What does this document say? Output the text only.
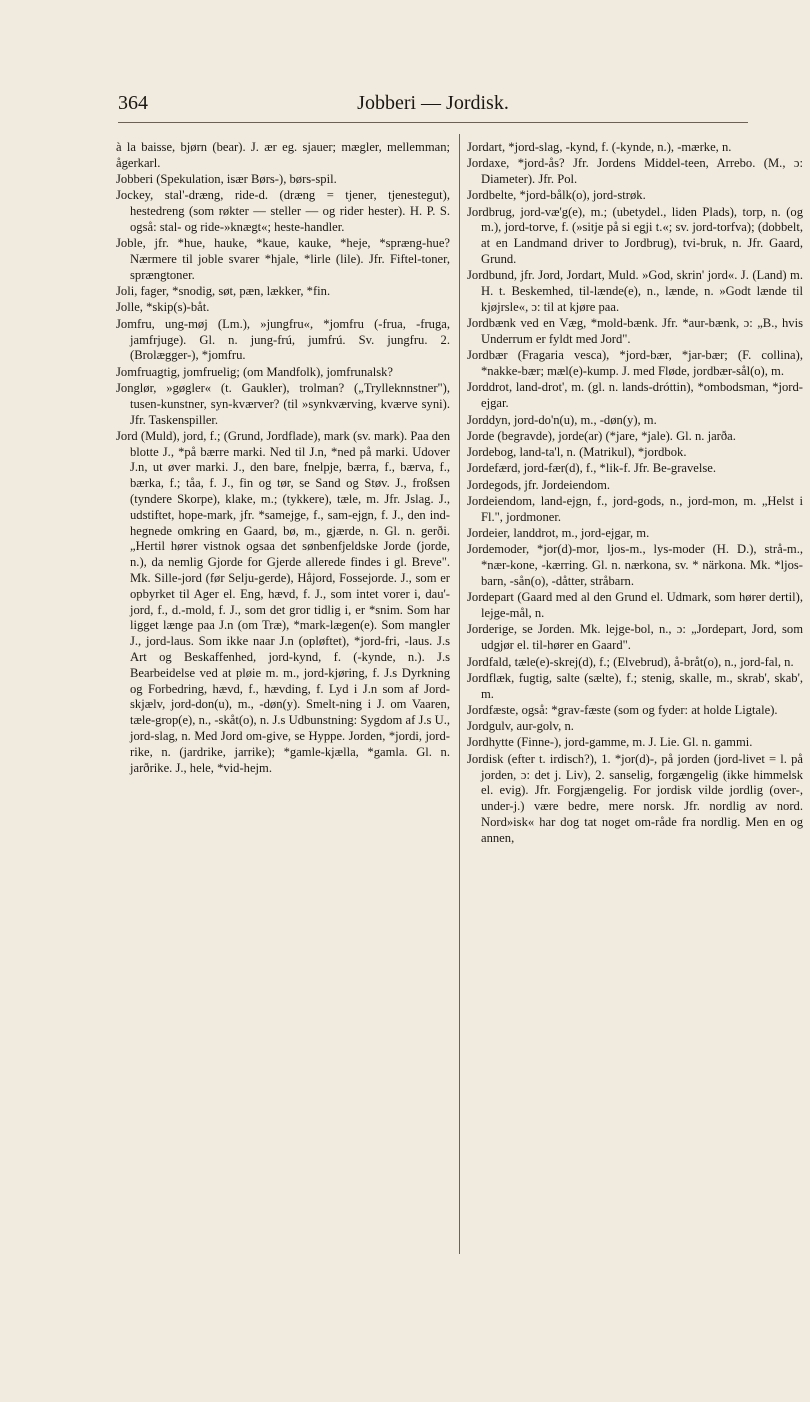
364	Jobberi — Jordisk.

à la baisse, bjørn (bear). J. ær eg. sjauer; mægler, mellemman; ågerkarl.

Jobberi (Spekulation, især Børs-), børs-spil.

Jockey, stal'-dræng, ride-d. (dræng = tjener, tjenestegut), hestedreng (som røkter — steller — og rider hester). H. P. S. også: stal- og ride-»knægt«; heste-handler.

Joble, jfr. *hue, hauke, *kaue, kauke, *heje, *spræng-hue? Nærmere til joble svarer *hjale, *lirle (lile). Jfr. Fiftel-toner, sprængtoner.

Joli, fager, *snodig, søt, pæn, lækker, *fin.

Jolle, *skip(s)-båt.

Jomfru, ung-møj (Lm.), »jungfru«, *jomfru (-frua, -fruga, jamfrjuge). Gl. n. jung-frú, jumfrú. Sv. jungfru. 2. (Brolægger-), *jomfru.

Jomfruagtig, jomfruelig; (om Mandfolk), jomfrunalsk?

Jonglør, »gøgler« (t. Gaukler), trolman? („Trylleknnstner"), tusen-kunstner, syn-kværver? (til »synkværving, kværve syni). Jfr. Taskenspiller.

Jord (Muld), jord, f.; (Grund, Jordflade), mark (sv. mark). Paa den blotte J., *på bærre marki. Ned til J.n, *ned på marki. Udover J.n, ut øver marki. J., den bare, fnelpje, bærra, f., bærva, f., bærka, f.; tåa, f. J., fin og tør, se Sand og Støv. J., froßsen (tyndere Skorpe), klake, m.; (tykkere), tæle, m. Jfr. Jslag. J., udstiftet, hope-mark, jfr. *samejge, f., sam-ejgn, f. J., den ind-hegnede omkring en Gaard, bø, m., gjærde, n. Gl. n. gerði. „Hertil hører vistnok ogsaa det sønbenfjeldske Jorde (jorde, n.), da nemlig Gjorde for Gjerde allerede findes i gl. Breve". Mk. Sille-jord (før Selju-gerde), Håjord, Fossejorde. J., som er opbyrket til Ager el. Eng, hævd, f. J., som intet vorer i, dau'-jord, f., d.-mold, f. J., som det gror tidlig i, er *snim. Som har ligget længe paa J.n (om Træ), *mark-lægen(e). Som mangler J., jord-laus. Som ikke naar J.n (opløftet), *jord-fri, -laus. J.s Art og Beskaffenhed, jord-kynd, f. (-kynde, n.). J.s Bearbeidelse ved at pløie m. m., jord-kjøring, f. J.s Dyrkning og Forbedring, hævd, f., hævding, f. Lyd i J.n som af Jord-skjælv, jord-don(u), m., -døn(y). Smelt-ning i J. om Vaaren, tæle-grop(e), n., -skåt(o), n. J.s Udbunstning: Sygdom af J.s U., jord-slag, n. Med Jord om-give, se Hyppe. Jorden, *jordi, jord-rike, n. (jardrike, jarrike); *gamle-kjælla, *gamla. Gl. n. jarðrike. J., hele, *vid-hejm.

Jordart, *jord-slag, -kynd, f. (-kynde, n.), -mærke, n.

Jordaxe, *jord-ås? Jfr. Jordens Middel-teen, Arrebo. (M., ɔ: Diameter). Jfr. Pol.

Jordbelte, *jord-bålk(o), jord-strøk.

Jordbrug, jord-væ'g(e), m.; (ubetydel., liden Plads), torp, n. (og m.), jord-torve, f. (»sitje på si egji t.«; sv. jord-torfva); (dobbelt, at en Landmand driver to Jordbrug), tvi-bruk, n. Jfr. Gaard, Grund.

Jordbund, jfr. Jord, Jordart, Muld. »God, skrin' jord«. J. (Land) m. H. t. Beskemhed, til-lænde(e), n., lænde, n. »Godt lænde til kjøjrsle«, ɔ: til at kjøre paa.

Jordbænk ved en Væg, *mold-bænk. Jfr. *aur-bænk, ɔ: „B., hvis Underrum er fyldt med Jord".

Jordbær (Fragaria vesca), *jord-bær, *jar-bær; (F. collina), *nakke-bær; mæl(e)-kump. J. med Fløde, jordbær-sål(o), m.

Jorddrot, land-drot', m. (gl. n. lands-dróttin), *ombodsman, *jord-ejgar.

Jorddyn, jord-do'n(u), m., -døn(y), m.

Jorde (begravde), jorde(ar) (*jare, *jale). Gl. n. jarða.

Jordebog, land-ta'l, n. (Matrikul), *jordbok.

Jordefærd, jord-fær(d), f., *lik-f. Jfr. Be-gravelse.

Jordegods, jfr. Jordeiendom.

Jordeiendom, land-ejgn, f., jord-gods, n., jord-mon, m. „Helst i Fl.", jordmoner.

Jordeier, landdrot, m., jord-ejgar, m.

Jordemoder, *jor(d)-mor, ljos-m., lys-moder (H. D.), strå-m., *nær-kone, -kærring. Gl. n. nærkona, sv. * närkona. Mk. *ljos-barn, -sån(o), -dåtter, stråbarn.

Jordepart (Gaard med al den Grund el. Udmark, som hører dertil), lejge-mål, n.

Jorderige, se Jorden. Mk. lejge-bol, n., ɔ: „Jordepart, Jord, som udgjør el. til-hører en Gaard".

Jordfald, tæle(e)-skrej(d), f.; (Elvebrud), å-bråt(o), n., jord-fal, n.

Jordflæk, fugtig, salte (sælte), f.; stenig, skalle, m., skrab', skab', m.

Jordfæste, også: *grav-fæste (som og fyder: at holde Ligtale).

Jordgulv, aur-golv, n.

Jordhytte (Finne-), jord-gamme, m. J. Lie. Gl. n. gammi.

Jordisk (efter t. irdisch?), 1. *jor(d)-, på jorden (jord-livet = l. på jorden, ɔ: det j. Liv), 2. sanselig, forgængelig (ikke himmelsk el. evig). Jfr. Forgjængelig. For jordisk vilde jordlig (over-, under-j.) være bedre, mere norsk. Jfr. nordlig av nord. Nord»isk« har dog tat noget om-råde fra nordlig. Men en og annen,
